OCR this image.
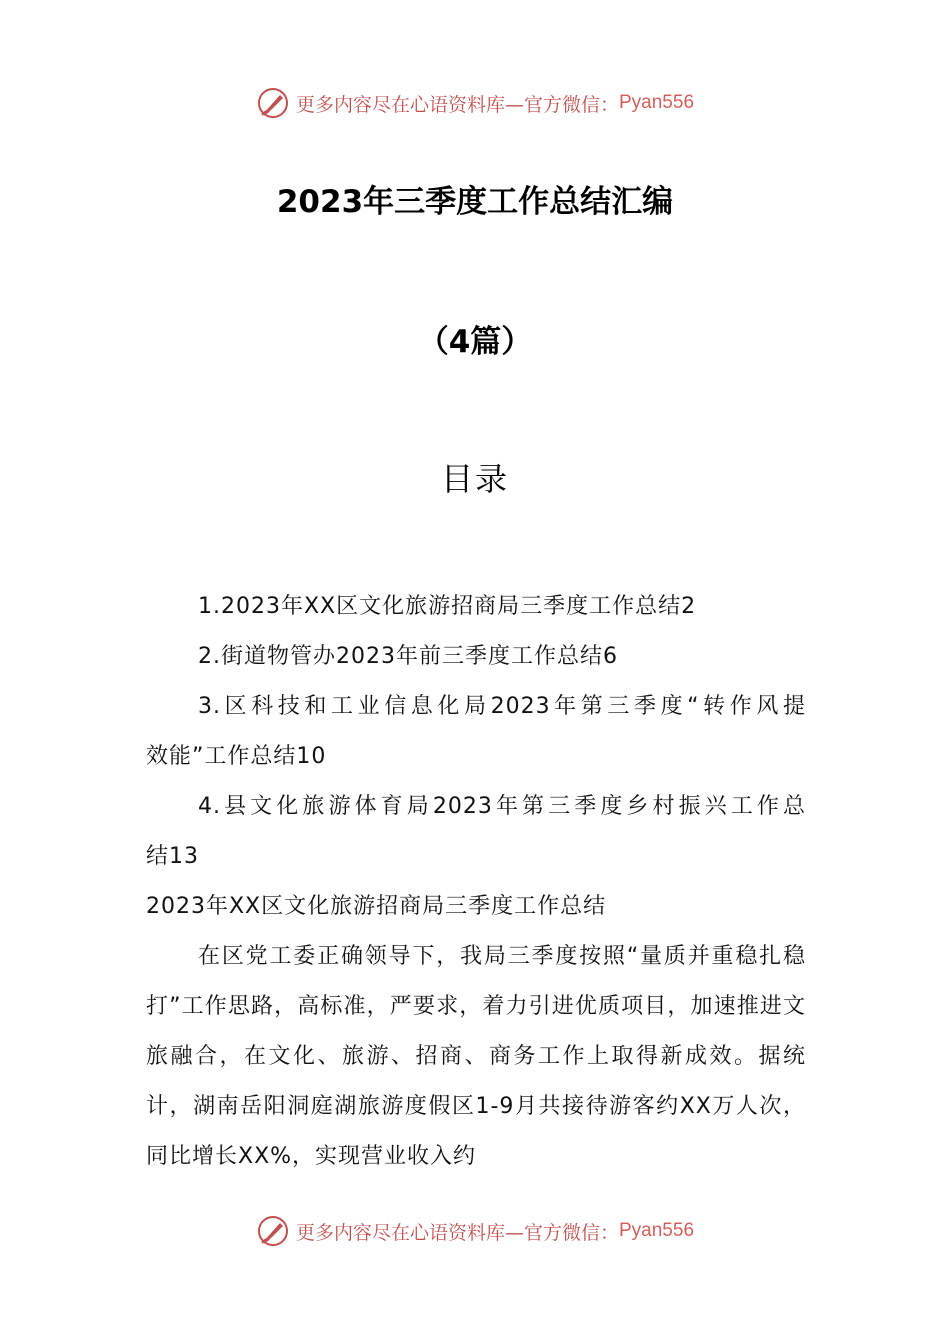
更多内容尽在心语资料库—官方微信： Pyan556
2023年三季度工作总结汇编
（4篇）
目录

1.2023年XX区文化旅游招商局三季度工作总结2

2.街道物管办2023年前三季度工作总结6

3.区科技和工业信息化局2023年第三季度“转作风提

效能”工作总结10

4.县文化旅游体育局2023年第三季度乡村振兴工作总

结13

2023年XX区文化旅游招商局三季度工作总结

在区党工委正确领导下，我局三季度按照“量质并重稳扎稳打”工作思路，高标准，严要求，着力引进优质项目，加速推进文旅融合，在文化、旅游、招商、商务工作上取得新成效。据统计，湖南岳阳洞庭湖旅游度假区1-9月共接待游客约XX万人次，同比增长XX%，实现营业收入约

更多内容尽在心语资料库—官方微信： Pyan556
